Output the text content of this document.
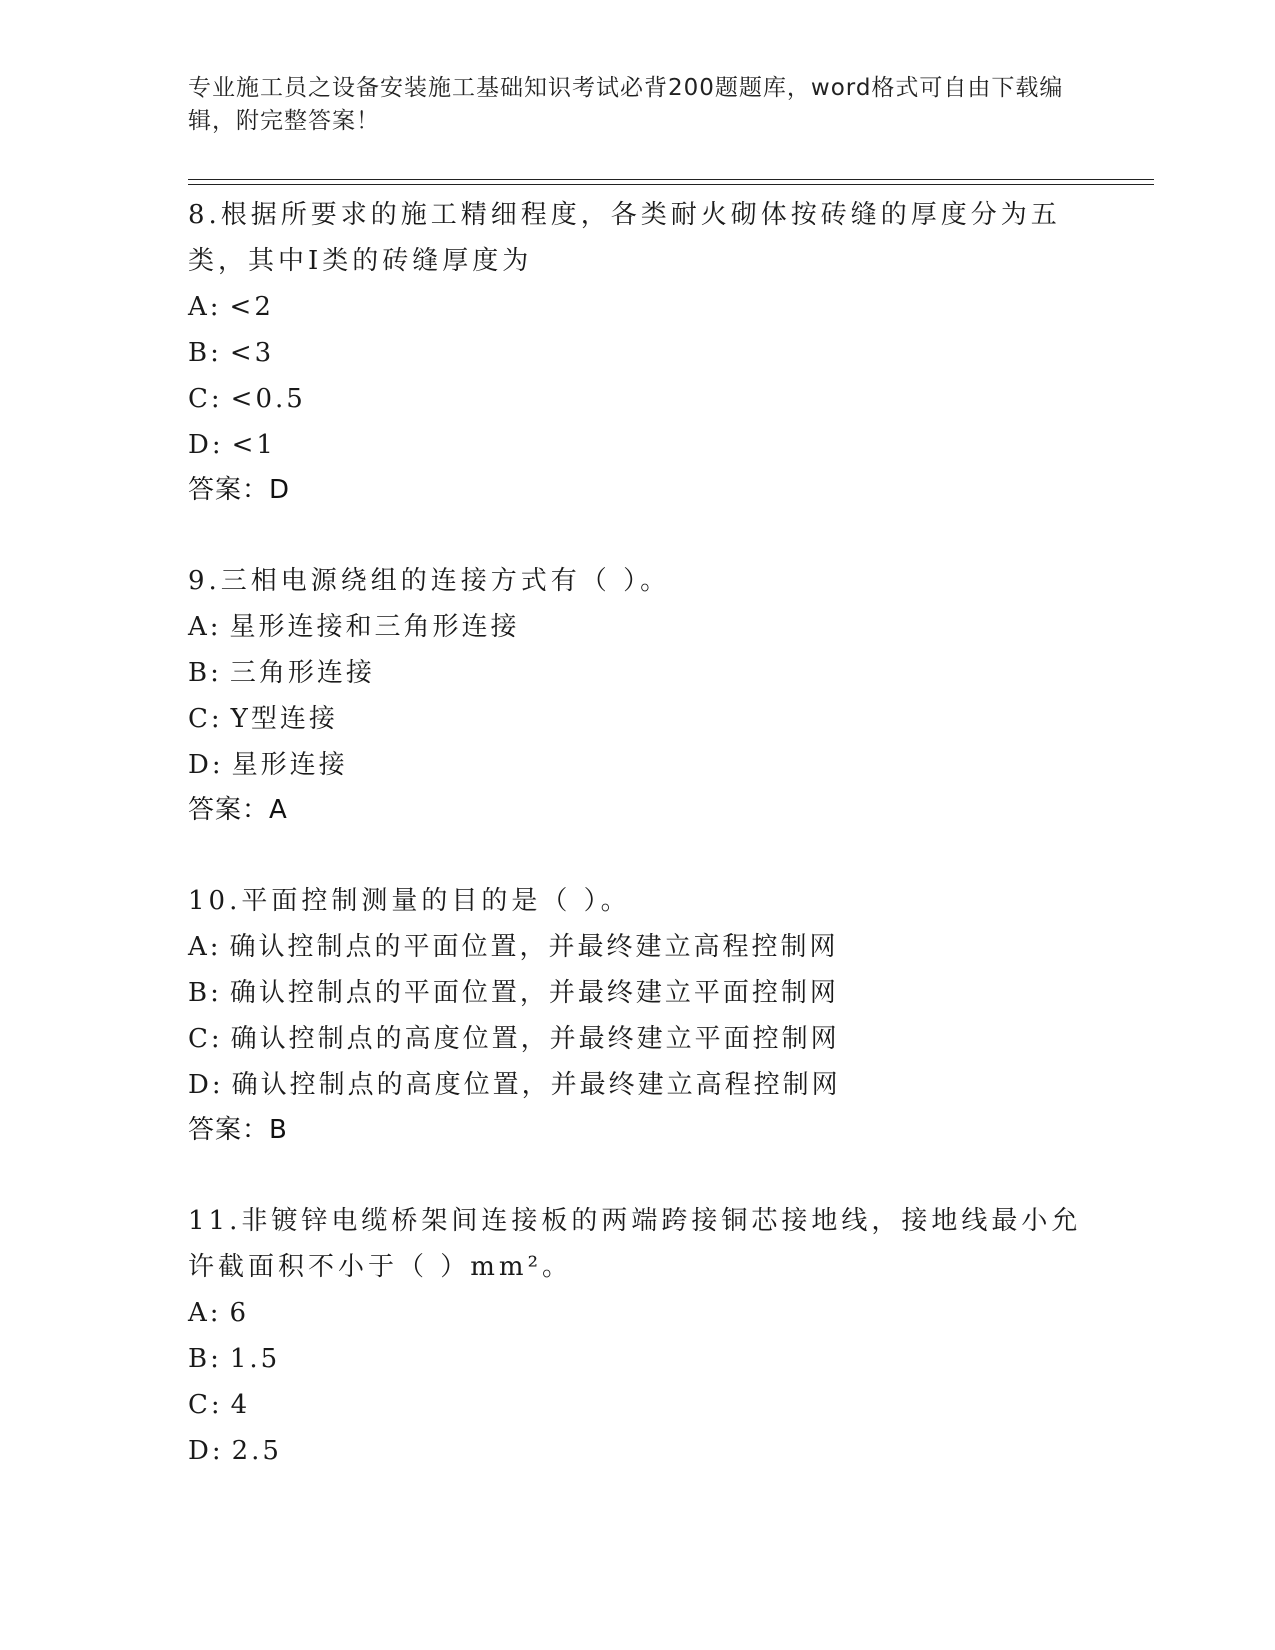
专业施工员之设备安装施工基础知识考试必背200题题库，word格式可自由下载编辑，附完整答案！
8.根据所要求的施工精细程度，各类耐火砌体按砖缝的厚度分为五类，其中Ⅰ类的砖缝厚度为
A: <2
B: <3
C: <0.5
D: <1
答案：D
9.三相电源绕组的连接方式有（ ）。
A: 星形连接和三角形连接
B: 三角形连接
C: Y型连接
D: 星形连接
答案：A
10.平面控制测量的目的是（ ）。
A: 确认控制点的平面位置，并最终建立高程控制网
B: 确认控制点的平面位置，并最终建立平面控制网
C: 确认控制点的高度位置，并最终建立平面控制网
D: 确认控制点的高度位置，并最终建立高程控制网
答案：B
11.非镀锌电缆桥架间连接板的两端跨接铜芯接地线，接地线最小允许截面积不小于（ ）mm²。
A: 6
B: 1.5
C: 4
D: 2.5
